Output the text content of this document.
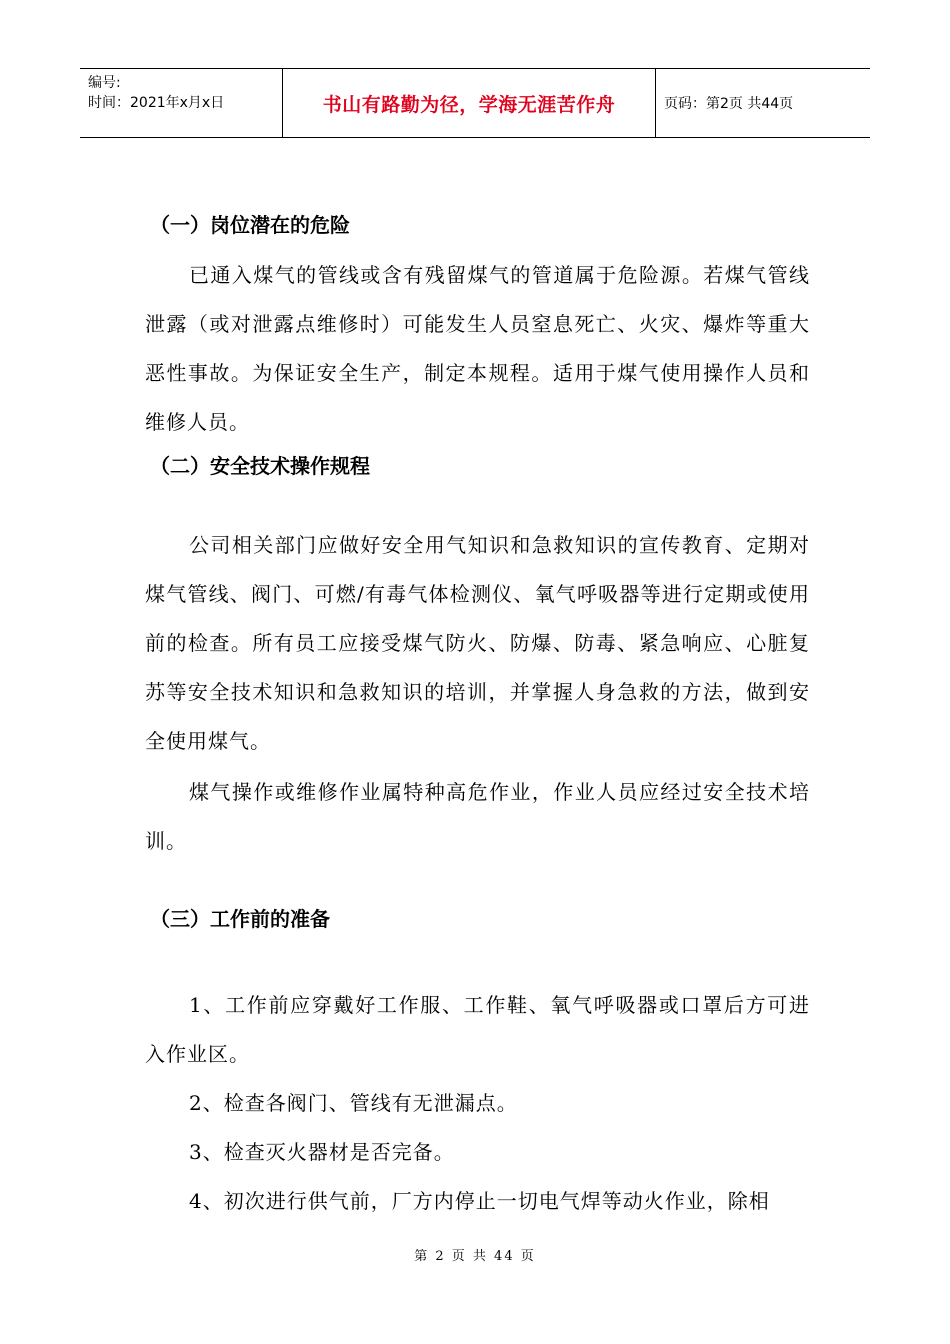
编号:
时间：2021年x月x日	书山有路勤为径，学海无涯苦作舟	页码：第2页 共44页
（一）岗位潜在的危险

已通入煤气的管线或含有残留煤气的管道属于危险源。若煤气管线泄露（或对泄露点维修时）可能发生人员窒息死亡、火灾、爆炸等重大恶性事故。为保证安全生产，制定本规程。适用于煤气使用操作人员和维修人员。

（二）安全技术操作规程

公司相关部门应做好安全用气知识和急救知识的宣传教育、定期对煤气管线、阀门、可燃/有毒气体检测仪、氧气呼吸器等进行定期或使用前的检查。所有员工应接受煤气防火、防爆、防毒、紧急响应、心脏复苏等安全技术知识和急救知识的培训，并掌握人身急救的方法，做到安全使用煤气。

煤气操作或维修作业属特种高危作业，作业人员应经过安全技术培训。

（三）工作前的准备

1、工作前应穿戴好工作服、工作鞋、氧气呼吸器或口罩后方可进入作业区。

2、检查各阀门、管线有无泄漏点。

3、检查灭火器材是否完备。

4、初次进行供气前，厂方内停止一切电气焊等动火作业，除相

第 2 页 共 44 页
